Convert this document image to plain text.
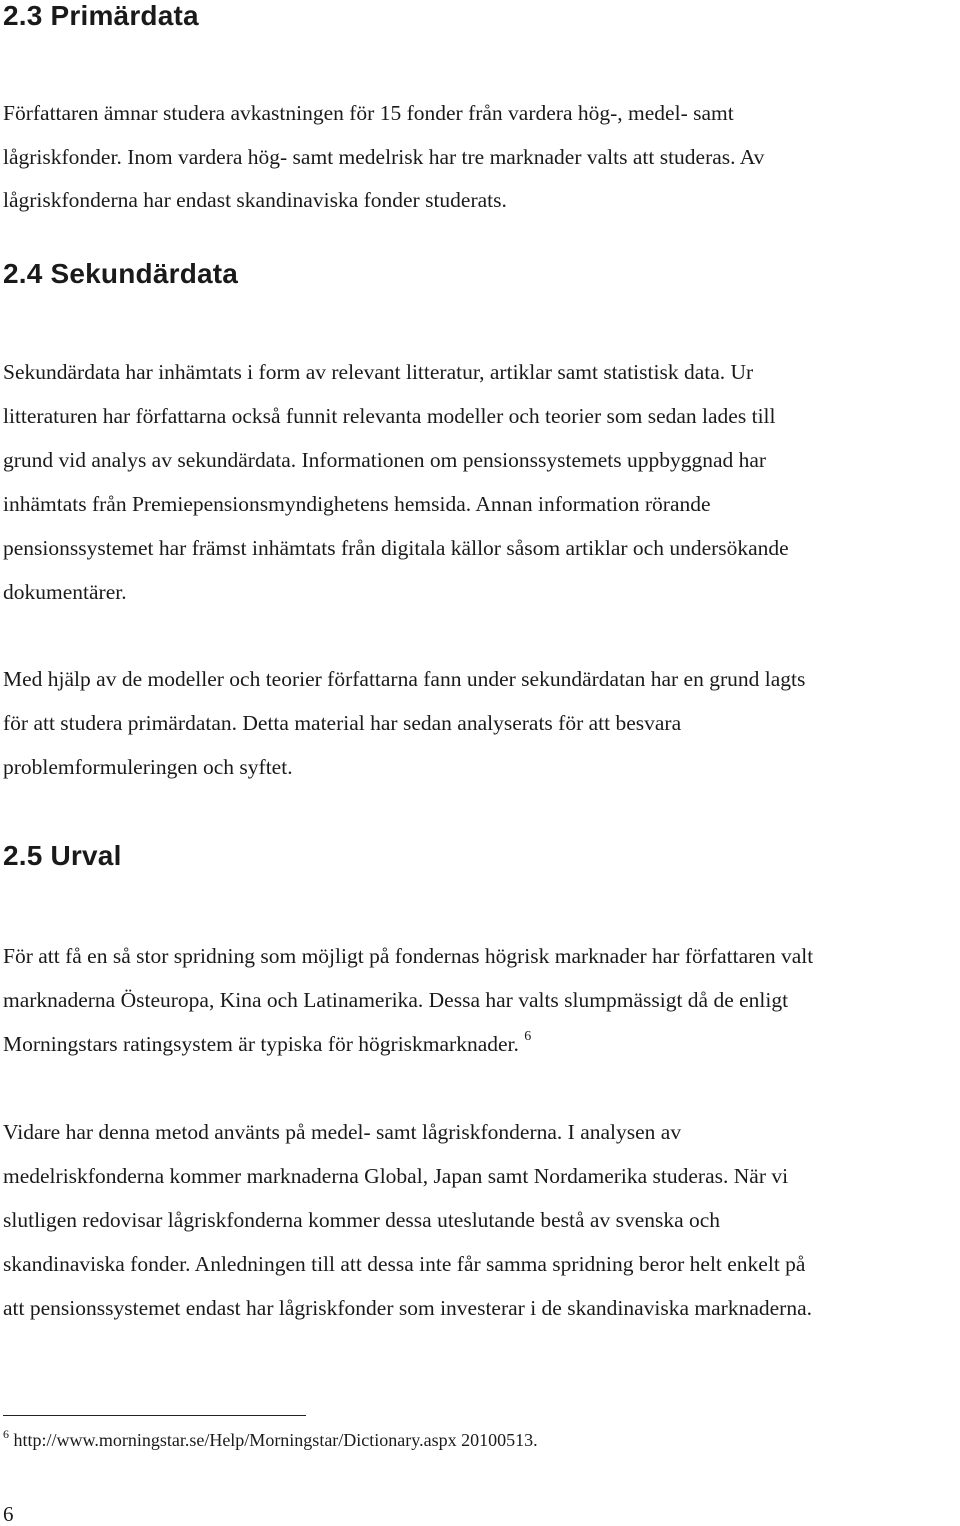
2.3 Primärdata

Författaren ämnar studera avkastningen för 15 fonder från vardera hög-, medel- samt
lågriskfonder. Inom vardera hög- samt medelrisk har tre marknader valts att studeras. Av
lågriskfonderna har endast skandinaviska fonder studerats.

2.4 Sekundärdata

Sekundärdata har inhämtats i form av relevant litteratur, artiklar samt statistisk data. Ur
litteraturen har författarna också funnit relevanta modeller och teorier som sedan lades till
grund vid analys av sekundärdata. Informationen om pensionssystemets uppbyggnad har
inhämtats från Premiepensionsmyndighetens hemsida. Annan information rörande
pensionssystemet har främst inhämtats från digitala källor såsom artiklar och undersökande
dokumentärer.

Med hjälp av de modeller och teorier författarna fann under sekundärdatan har en grund lagts
för att studera primärdatan. Detta material har sedan analyserats för att besvara
problemformuleringen och syftet.

2.5 Urval

För att få en så stor spridning som möjligt på fondernas högrisk marknader har författaren valt
marknaderna Östeuropa, Kina och Latinamerika. Dessa har valts slumpmässigt då de enligt
Morningstars ratingsystem är typiska för högriskmarknader. $^6$

Vidare har denna metod använts på medel- samt lågriskfonderna. I analysen av
medelriskfonderna kommer marknaderna Global, Japan samt Nordamerika studeras. När vi
slutligen redovisar lågriskfonderna kommer dessa uteslutande bestå av svenska och
skandinaviska fonder. Anledningen till att dessa inte får samma spridning beror helt enkelt på
att pensionssystemet endast har lågriskfonder som investerar i de skandinaviska marknaderna.

$^6$ http://www.morningstar.se/Help/Morningstar/Dictionary.aspx 20100513.

6
